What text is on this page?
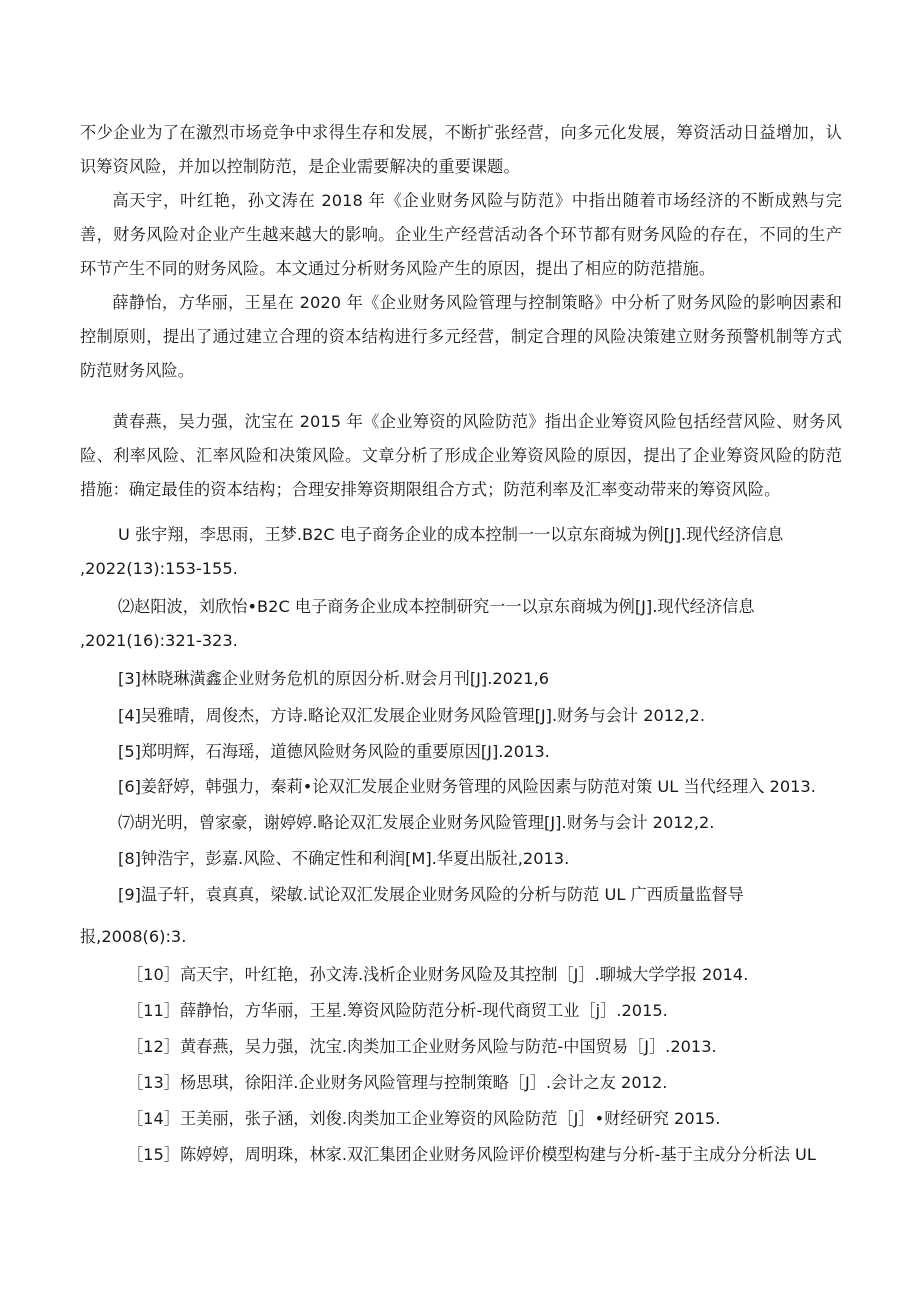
不少企业为了在激烈市场竞争中求得生存和发展，不断扩张经营，向多元化发展，筹资活动日益增加，认识筹资风险，并加以控制防范，是企业需要解决的重要课题。

高天宇，叶红艳，孙文涛在 2018 年《企业财务风险与防范》中指出随着市场经济的不断成熟与完善，财务风险对企业产生越来越大的影响。企业生产经营活动各个环节都有财务风险的存在，不同的生产环节产生不同的财务风险。本文通过分析财务风险产生的原因，提出了相应的防范措施。

薛静怡，方华丽，王星在 2020 年《企业财务风险管理与控制策略》中分析了财务风险的影响因素和控制原则，提出了通过建立合理的资本结构进行多元经营，制定合理的风险决策建立财务预警机制等方式防范财务风险。

黄春燕，吴力强，沈宝在 2015 年《企业筹资的风险防范》指出企业筹资风险包括经营风险、财务风险、利率风险、汇率风险和决策风险。文章分析了形成企业筹资风险的原因，提出了企业筹资风险的防范措施：确定最佳的资本结构；合理安排筹资期限组合方式；防范利率及汇率变动带来的筹资风险。

U 张宇翔，李思雨，王梦.B2C 电子商务企业的成本控制一一以京东商城为例[J].现代经济信息

,2022(13):153-155.

⑵赵阳波，刘欣怡•B2C 电子商务企业成本控制研究一一以京东商城为例[J].现代经济信息

,2021(16):321-323.

[3]林晓琳潢鑫企业财务危机的原因分析.财会月刊[J].2021,6

[4]吴雅晴，周俊杰，方诗.略论双汇发展企业财务风险管理[J].财务与会计 2012,2.

[5]郑明辉，石海瑶，道德风险财务风险的重要原因[J].2013.

[6]姜舒婷，韩强力，秦莉•论双汇发展企业财务管理的风险因素与防范对策 UL 当代经理入 2013.

⑺胡光明，曾家豪，谢婷婷.略论双汇发展企业财务风险管理[J].财务与会计 2012,2.

[8]钟浩宇，彭嘉.风险、不确定性和利润[M].华夏出版社,2013.

[9]温子轩，袁真真，梁敏.试论双汇发展企业财务风险的分析与防范 UL 广西质量监督导

报,2008(6):3.

［10］高天宇，叶红艳，孙文涛.浅析企业财务风险及其控制［J］.聊城大学学报 2014.

［11］薛静怡，方华丽，王星.筹资风险防范分析-现代商贸工业［j］.2015.

［12］黄春燕，吴力强，沈宝.肉类加工企业财务风险与防范-中国贸易［J］.2013.

［13］杨思琪，徐阳洋.企业财务风险管理与控制策略［J］.会计之友 2012.

［14］王美丽，张子涵，刘俊.肉类加工企业筹资的风险防范［J］•财经研究 2015.

［15］陈婷婷，周明珠，林家.双汇集团企业财务风险评价模型构建与分析-基于主成分分析法 UL
